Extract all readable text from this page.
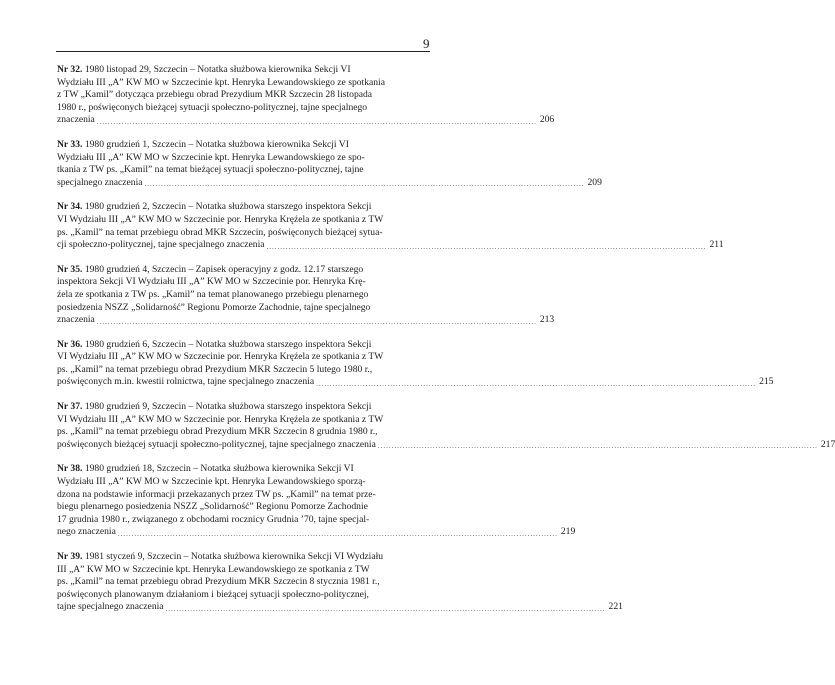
9
Nr 32. 1980 listopad 29, Szczecin – Notatka służbowa kierownika Sekcji VI
Wydziału III „A” KW MO w Szczecinie kpt. Henryka Lewandowskiego ze spotkania
z TW „Kamil” dotycząca przebiegu obrad Prezydium MKR Szczecin 28 listopada
1980 r., poświęconych bieżącej sytuacji społeczno-politycznej, tajne specjalnego
znaczenia ................................................................................................................................................................ 206
Nr 33. 1980 grudzień 1, Szczecin – Notatka służbowa kierownika Sekcji VI
Wydziału III „A” KW MO w Szczecinie kpt. Henryka Lewandowskiego ze spo-
tkania z TW ps. „Kamil” na temat bieżącej sytuacji społeczno-politycznej, tajne
specjalnego znaczenia ................................................................................................................................................................ 209
Nr 34. 1980 grudzień 2, Szczecin – Notatka służbowa starszego inspektora Sekcji
VI Wydziału III „A” KW MO w Szczecinie por. Henryka Kręźela ze spotkania z TW
ps. „Kamil” na temat przebiegu obrad MKR Szczecin, poświęconych bieżącej sytua-
cji społeczno-politycznej, tajne specjalnego znaczenia ................................................................................................................................................................ 211
Nr 35. 1980 grudzień 4, Szczecin – Zapisek operacyjny z godz. 12.17 starszego
inspektora Sekcji VI Wydziału III „A” KW MO w Szczecinie por. Henryka Krę-
źela ze spotkania z TW ps. „Kamil” na temat planowanego przebiegu plenarnego
posiedzenia NSZZ „Solidarność” Regionu Pomorze Zachodnie, tajne specjalnego
znaczenia ................................................................................................................................................................ 213
Nr 36. 1980 grudzień 6, Szczecin – Notatka służbowa starszego inspektora Sekcji
VI Wydziału III „A” KW MO w Szczecinie por. Henryka Kręźela ze spotkania z TW
ps. „Kamil” na temat przebiegu obrad Prezydium MKR Szczecin 5 lutego 1980 r.,
poświęconych m.in. kwestii rolnictwa, tajne specjalnego znaczenia ................................................................................................................................................................ 215
Nr 37. 1980 grudzień 9, Szczecin – Notatka służbowa starszego inspektora Sekcji
VI Wydziału III „A” KW MO w Szczecinie por. Henryka Kręźela ze spotkania z TW
ps. „Kamil” na temat przebiegu obrad Prezydium MKR Szczecin 8 grudnia 1980 r.,
poświęconych bieżącej sytuacji społeczno-politycznej, tajne specjalnego znaczenia ................................................................................................................................................................ 217
Nr 38. 1980 grudzień 18, Szczecin – Notatka służbowa kierownika Sekcji VI
Wydziału III „A” KW MO w Szczecinie kpt. Henryka Lewandowskiego sporzą-
dzona na podstawie informacji przekazanych przez TW ps. „Kamil” na temat prze-
biegu plenarnego posiedzenia NSZZ „Solidarność” Regionu Pomorze Zachodnie
17 grudnia 1980 r., związanego z obchodami rocznicy Grudnia ’70, tajne specjal-
nego znaczenia ................................................................................................................................................................ 219
Nr 39. 1981 styczeń 9, Szczecin – Notatka służbowa kierownika Sekcji VI Wydziału
III „A” KW MO w Szczecinie kpt. Henryka Lewandowskiego ze spotkania z TW
ps. „Kamil” na temat przebiegu obrad Prezydium MKR Szczecin 8 stycznia 1981 r.,
poświęconych planowanym działaniom i bieżącej sytuacji społeczno-politycznej,
tajne specjalnego znaczenia ................................................................................................................................................................ 221
